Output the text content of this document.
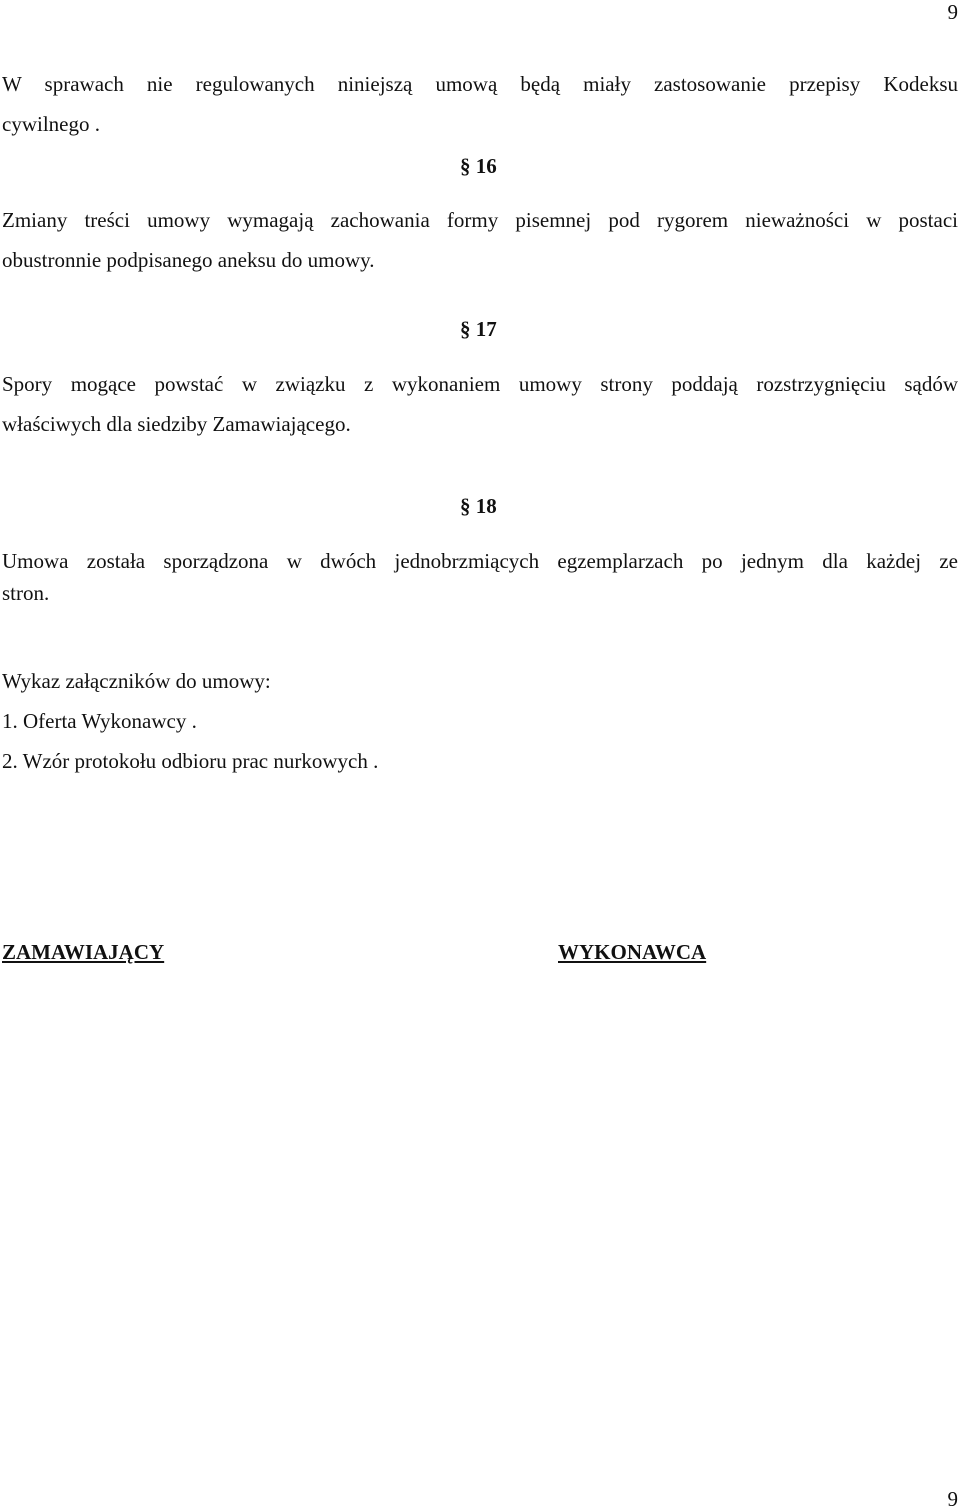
9
W sprawach nie regulowanych niniejszą umową będą miały zastosowanie przepisy Kodeksu
cywilnego .
§ 16
Zmiany treści umowy wymagają zachowania formy pisemnej pod rygorem nieważności w postaci
obustronnie podpisanego aneksu do umowy.
§ 17
Spory mogące powstać w związku z wykonaniem umowy strony poddają rozstrzygnięciu sądów
właściwych dla siedziby Zamawiającego.
§ 18
Umowa została sporządzona w dwóch jednobrzmiących egzemplarzach po jednym dla każdej ze
stron.
Wykaz załączników do umowy:
1. Oferta Wykonawcy .
2. Wzór protokołu odbioru prac nurkowych .
ZAMAWIAJĄCY	WYKONAWCA
9
